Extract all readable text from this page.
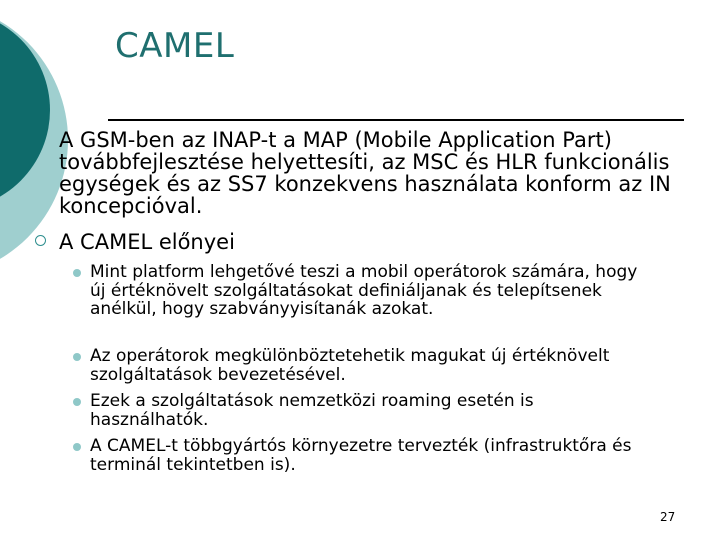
CAMEL
A GSM-ben az INAP-t a MAP (Mobile Application Part) továbbfejlesztése helyettesíti, az MSC és HLR funkcionális egységek és az SS7 konzekvens használata konform az IN koncepcióval.
A CAMEL előnyei
Mint platform lehgetővé teszi a mobil operátorok számára, hogy új értéknövelt szolgáltatásokat definiáljanak és telepítsenek anélkül, hogy szabványyisítanák azokat.
Az operátorok megkülönböztetehetik magukat új értéknövelt szolgáltatások bevezetésével.
Ezek a szolgáltatások nemzetközi roaming esetén is használhatók.
A CAMEL-t többgyártós környezetre tervezték (infrastruktőra és terminál tekintetben is).
27
